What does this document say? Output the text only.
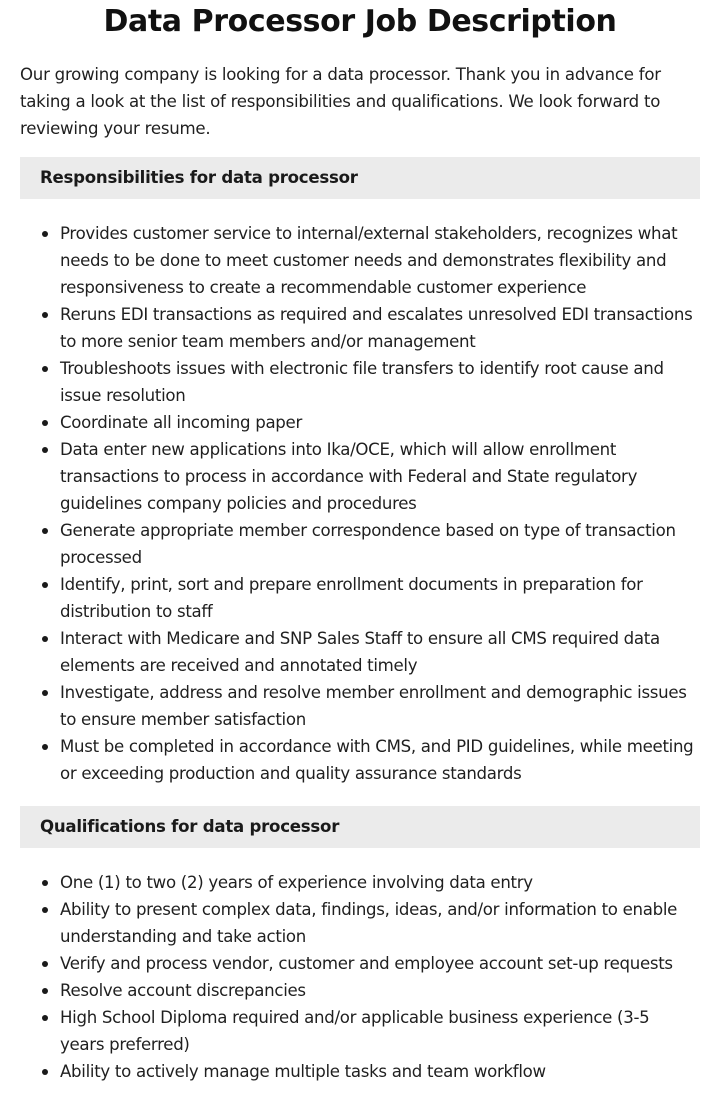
Data Processor Job Description

Our growing company is looking for a data processor. Thank you in advance for taking a look at the list of responsibilities and qualifications. We look forward to reviewing your resume.

Responsibilities for data processor
Provides customer service to internal/external stakeholders, recognizes what needs to be done to meet customer needs and demonstrates flexibility and responsiveness to create a recommendable customer experience
Reruns EDI transactions as required and escalates unresolved EDI transactions to more senior team members and/or management
Troubleshoots issues with electronic file transfers to identify root cause and issue resolution
Coordinate all incoming paper
Data enter new applications into Ika/OCE, which will allow enrollment transactions to process in accordance with Federal and State regulatory guidelines company policies and procedures
Generate appropriate member correspondence based on type of transaction processed
Identify, print, sort and prepare enrollment documents in preparation for distribution to staff
Interact with Medicare and SNP Sales Staff to ensure all CMS required data elements are received and annotated timely
Investigate, address and resolve member enrollment and demographic issues to ensure member satisfaction
Must be completed in accordance with CMS, and PID guidelines, while meeting or exceeding production and quality assurance standards
Qualifications for data processor
One (1) to two (2) years of experience involving data entry
Ability to present complex data, findings, ideas, and/or information to enable understanding and take action
Verify and process vendor, customer and employee account set-up requests
Resolve account discrepancies
High School Diploma required and/or applicable business experience (3-5 years preferred)
Ability to actively manage multiple tasks and team workflow
